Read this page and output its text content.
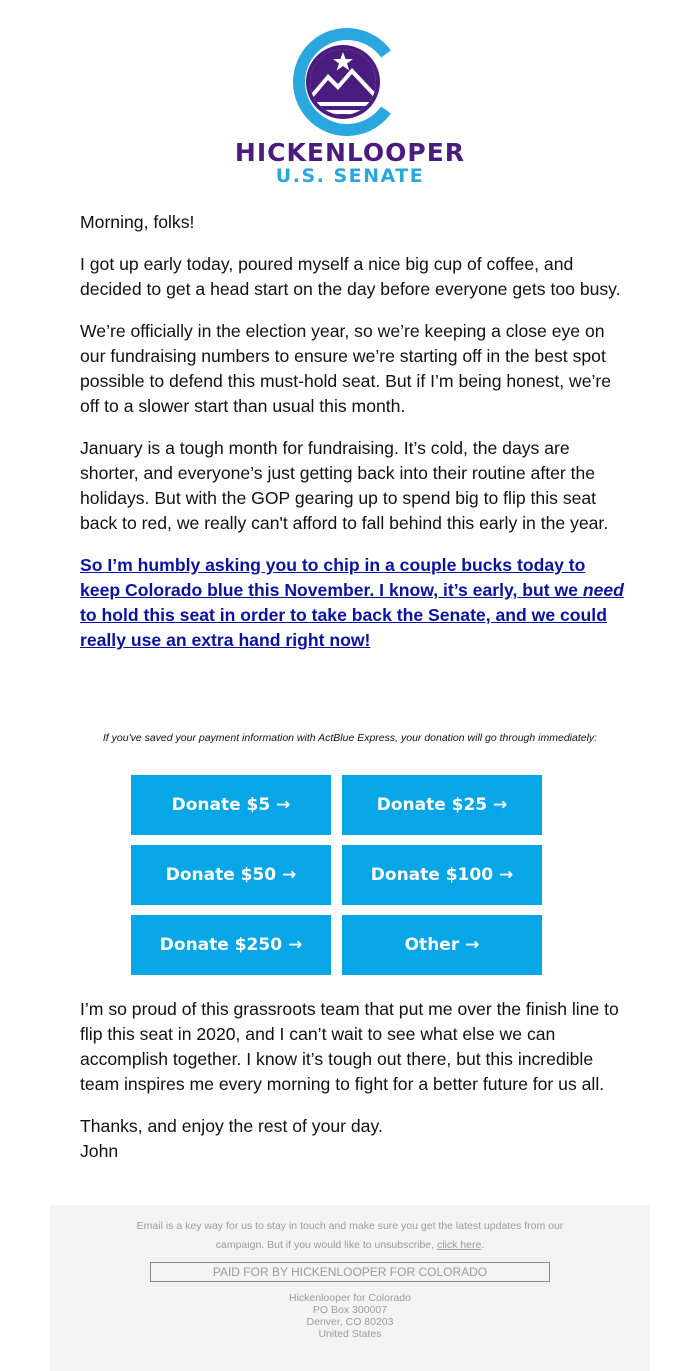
HICKENLOOPER
U.S. SENATE

Morning, folks!

I got up early today, poured myself a nice big cup of coffee, and decided to get a head start on the day before everyone gets too busy.

We’re officially in the election year, so we’re keeping a close eye on our fundraising numbers to ensure we’re starting off in the best spot possible to defend this must-hold seat. But if I’m being honest, we’re off to a slower start than usual this month.

January is a tough month for fundraising. It’s cold, the days are shorter, and everyone’s just getting back into their routine after the holidays. But with the GOP gearing up to spend big to flip this seat back to red, we really can't afford to fall behind this early in the year.

So I’m humbly asking you to chip in a couple bucks today to keep Colorado blue this November. I know, it’s early, but we need to hold this seat in order to take back the Senate, and we could really use an extra hand right now!

If you've saved your payment information with ActBlue Express, your donation will go through immediately:
Donate $5 →	Donate $25 →
Donate $50 →	Donate $100 →
Donate $250 →	Other →

I’m so proud of this grassroots team that put me over the finish line to flip this seat in 2020, and I can’t wait to see what else we can accomplish together. I know it’s tough out there, but this incredible team inspires me every morning to fight for a better future for us all.

Thanks, and enjoy the rest of your day.
John

Email is a key way for us to stay in touch and make sure you get the latest updates from our campaign. But if you would like to unsubscribe, click here.
PAID FOR BY HICKENLOOPER FOR COLORADO
Hickenlooper for Colorado
PO Box 300007
Denver, CO 80203
United States
